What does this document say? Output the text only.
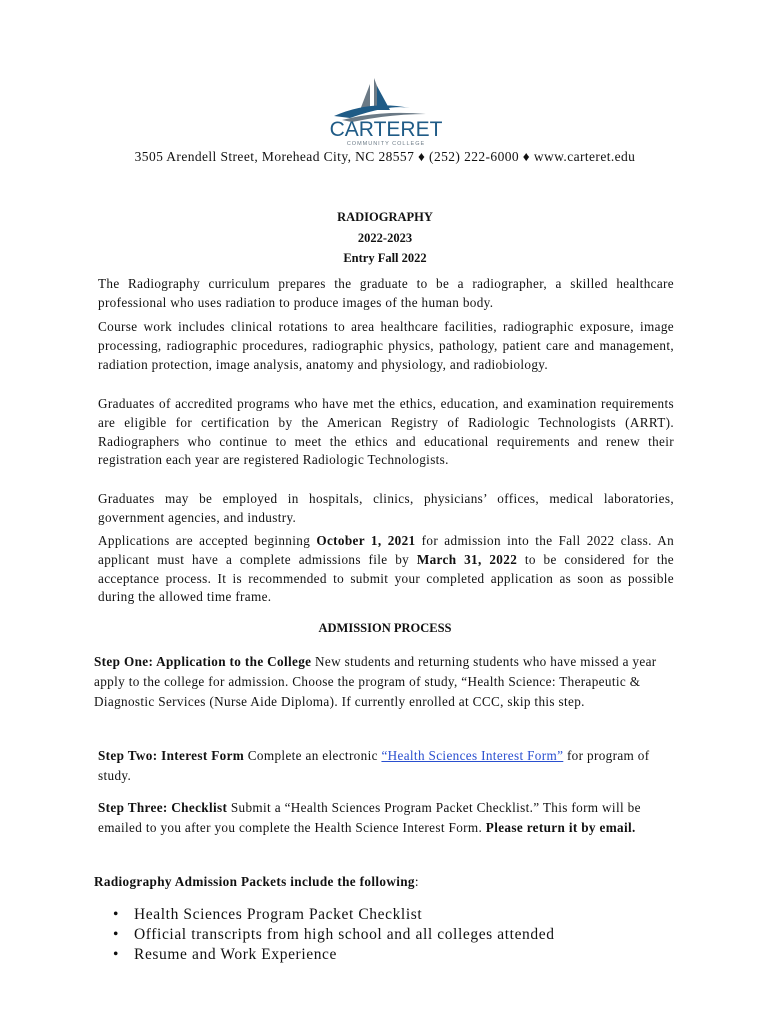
CARTERET
COMMUNITY COLLEGE
3505 Arendell Street, Morehead City, NC 28557 ♦ (252) 222-6000 ♦ www.carteret.edu
RADIOGRAPHY
2022-2023
Entry Fall 2022

The Radiography curriculum prepares the graduate to be a radiographer, a skilled healthcare professional who uses radiation to produce images of the human body.

Course work includes clinical rotations to area healthcare facilities, radiographic exposure, image processing, radiographic procedures, radiographic physics, pathology, patient care and management, radiation protection, image analysis, anatomy and physiology, and radiobiology.

Graduates of accredited programs who have met the ethics, education, and examination requirements are eligible for certification by the American Registry of Radiologic Technologists (ARRT). Radiographers who continue to meet the ethics and educational requirements and renew their registration each year are registered Radiologic Technologists.

Graduates may be employed in hospitals, clinics, physicians’ offices, medical laboratories, government agencies, and industry.

Applications are accepted beginning October 1, 2021 for admission into the Fall 2022 class. An applicant must have a complete admissions file by March 31, 2022 to be considered for the acceptance process. It is recommended to submit your completed application as soon as possible during the allowed time frame.

ADMISSION PROCESS

Step One: Application to the College New students and returning students who have missed a year apply to the college for admission. Choose the program of study, “Health Science: Therapeutic & Diagnostic Services (Nurse Aide Diploma). If currently enrolled at CCC, skip this step.

Step Two: Interest Form Complete an electronic “Health Sciences Interest Form” for program of study.

Step Three: Checklist Submit a “Health Sciences Program Packet Checklist.” This form will be emailed to you after you complete the Health Science Interest Form. Please return it by email.

Radiography Admission Packets include the following:

• Health Sciences Program Packet Checklist
• Official transcripts from high school and all colleges attended
• Resume and Work Experience
